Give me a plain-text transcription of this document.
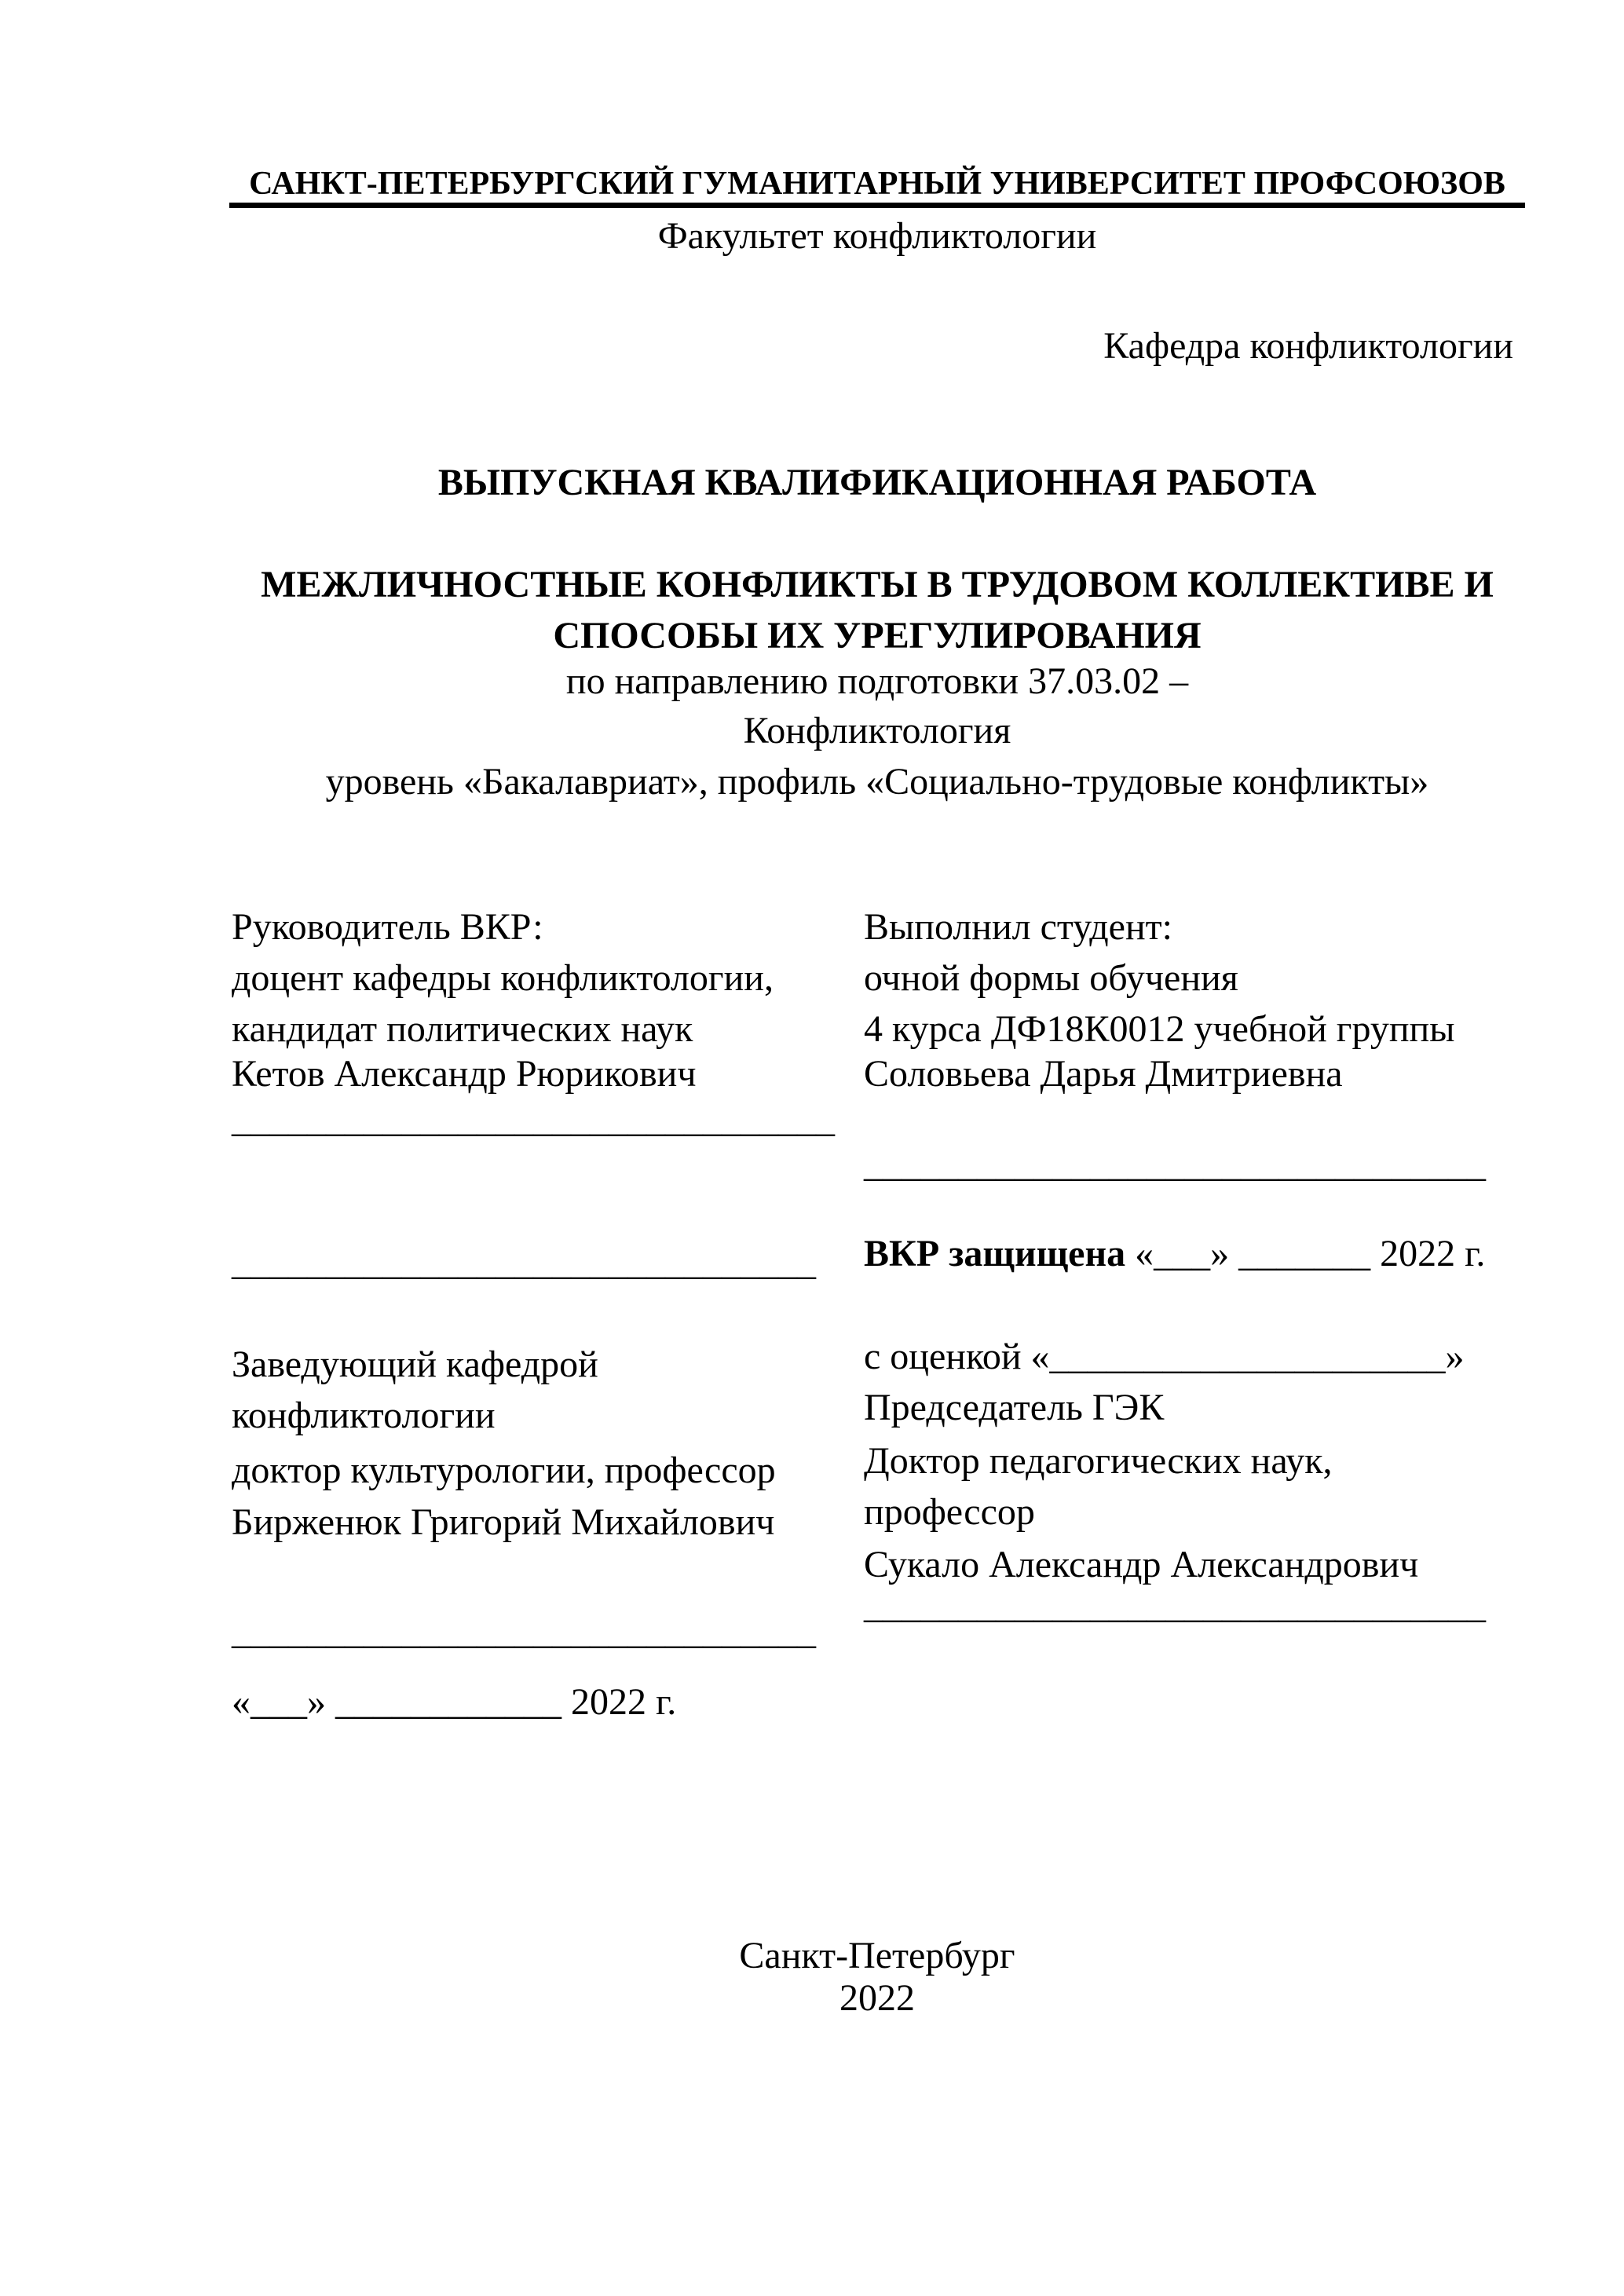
САНКТ-ПЕТЕРБУРГСКИЙ ГУМАНИТАРНЫЙ УНИВЕРСИТЕТ ПРОФСОЮЗОВ
Факультет конфликтологии
Кафедра конфликтологии
ВЫПУСКНАЯ КВАЛИФИКАЦИОННАЯ РАБОТА
МЕЖЛИЧНОСТНЫЕ КОНФЛИКТЫ В ТРУДОВОМ КОЛЛЕКТИВЕ И
СПОСОБЫ ИХ УРЕГУЛИРОВАНИЯ
по направлению подготовки 37.03.02 –
Конфликтология
уровень «Бакалавриат», профиль «Социально-трудовые конфликты»
Руководитель ВКР:
доцент кафедры конфликтологии,
кандидат политических наук
Кетов Александр Рюрикович
________________________________
Выполнил студент:
очной формы обучения
4 курса ДФ18К0012 учебной группы
Соловьева Дарья Дмитриевна
_________________________________
_______________________________
Заведующий кафедрой
конфликтологии
доктор культурологии, профессор
Бирженюк Григорий Михайлович
_______________________________
«___» ____________ 2022 г.
ВКР защищена «___» _______ 2022 г.
с оценкой «_____________________»
Председатель ГЭК
Доктор педагогических наук,
профессор
Сукало Александр Александрович
_________________________________
Санкт-Петербург
2022
